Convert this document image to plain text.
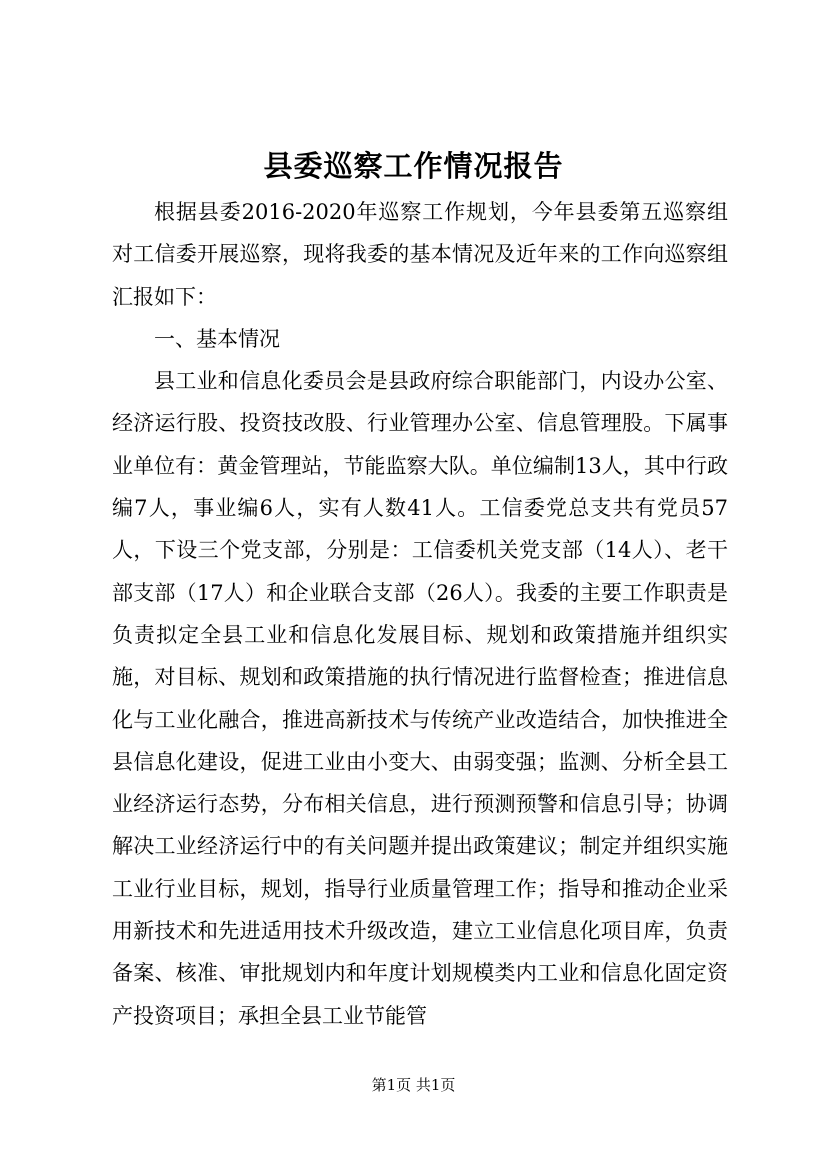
县委巡察工作情况报告

根据县委2016-2020年巡察工作规划，今年县委第五巡察组对工信委开展巡察，现将我委的基本情况及近年来的工作向巡察组汇报如下：

一、基本情况

县工业和信息化委员会是县政府综合职能部门，内设办公室、经济运行股、投资技改股、行业管理办公室、信息管理股。下属事业单位有：黄金管理站，节能监察大队。单位编制13人，其中行政编7人，事业编6人，实有人数41人。工信委党总支共有党员57人，下设三个党支部，分别是：工信委机关党支部（14人）、老干部支部（17人）和企业联合支部（26人）。我委的主要工作职责是负责拟定全县工业和信息化发展目标、规划和政策措施并组织实施，对目标、规划和政策措施的执行情况进行监督检查；推进信息化与工业化融合，推进高新技术与传统产业改造结合，加快推进全县信息化建设，促进工业由小变大、由弱变强；监测、分析全县工业经济运行态势，分布相关信息，进行预测预警和信息引导；协调解决工业经济运行中的有关问题并提出政策建议；制定并组织实施工业行业目标，规划，指导行业质量管理工作；指导和推动企业采用新技术和先进适用技术升级改造，建立工业信息化项目库，负责备案、核准、审批规划内和年度计划规模类内工业和信息化固定资产投资项目；承担全县工业节能管

第1页 共1页
